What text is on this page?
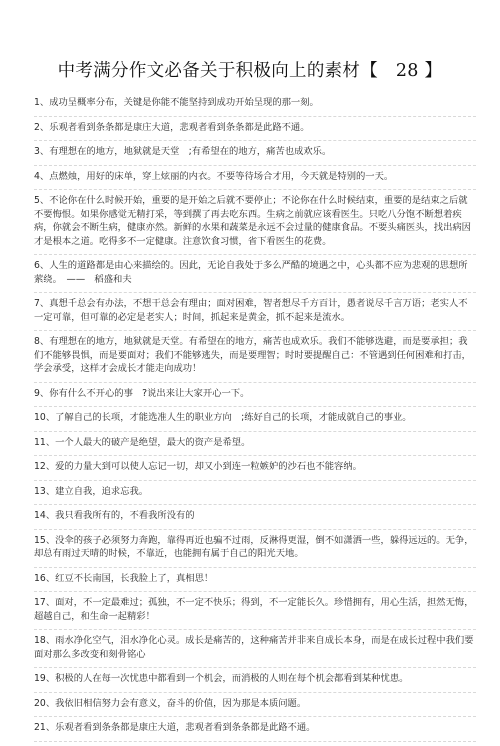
中考满分作文必备关于积极向上的素材【　28 】

1、成功呈概率分布，关键是你能不能坚持到成功开始呈现的那一刻。

2、乐观者看到条条都是康庄大道，悲观者看到条条都是此路不通。

3、有理想在的地方，地狱就是天堂　;有希望在的地方，痛苦也成欢乐。

4、点燃烛，用好的床单，穿上炫丽的内衣。不要等待场合才用，今天就是特别的一天。

5、不论你在什么时候开始，重要的是开始之后就不要停止；不论你在什么时候结束，重要的是结束之后就不要悔恨。如果你感觉无精打采，等到撰了再去吃东西。生病之前就应该看医生。只吃八分饱不断想着疾病，你就会不断生病，健康亦然。新鲜的水果和蔬菜是永远不会过量的健康食品。不要头痛医头，找出病因才是根本之道。吃得多不一定健康。注意饮食习惯，省下看医生的花费。

6、人生的道路都是由心来描绘的。因此，无论自我处于多么严酷的境遇之中，心头都不应为悲观的思想所萦绕。　——　稻盛和夫

7、真想千总会有办法，不想干总会有理由；面对困难，智者想尽千方百计，愚者说尽千言万语；老实人不一定可靠，但可靠的必定是老实人；时间，抓起来是黄金，抓不起来是流水。

8、有理想在的地方，地狱就是天堂。有希望在的地方，痛苦也成欢乐。我们不能够选避，而是要承担；我们不能够畏惧，而是要面对；我们不能够逃失，而是要理智；时时要提醒自己：不管遇到任何困难和打击，学会承受，这样才会成长才能走向成功！

9、你有什么不开心的事　?说出来让大家开心一下。

10、了解自己的长项，才能选准人生的职业方向　;练好自己的长项，才能成就自己的事业。

11、一个人最大的破产是绝望，最大的资产是希望。

12、爱的力量大到可以使人忘记一切，却又小到连一粒嫉妒的沙石也不能容纳。

13、建立自我，追求忘我。

14、我只看我所有的，不看我所没有的

15、没伞的孩子必须努力奔跑，靠得再近也骗不过雨，反淋得更湿，倒不如潇洒一些，躲得远远的。无争，却总有雨过天晴的时候，不靠近，也能拥有属于自己的阳光天地。

16、红豆不长南国，长我脸上了，真相思！

17、面对，不一定最难过；孤独，不一定不快乐；得到，不一定能长久。珍惜拥有，用心生活，担然无悔，超越自己，和生命一起精彩！

18、雨水净化空气，泪水净化心灵。成长是痛苦的，这种痛苦并非来自成长本身，而是在成长过程中我们要面对那么多改变和刻骨铭心

19、积极的人在每一次忧患中都看到一个机会，而消极的人则在每个机会都看到某种忧患。

20、我依旧相信努力会有意义，奋斗的价值，因为那是本质问题。

21、乐观者看到条条都是康庄大道，悲观者看到条条都是此路不通。
